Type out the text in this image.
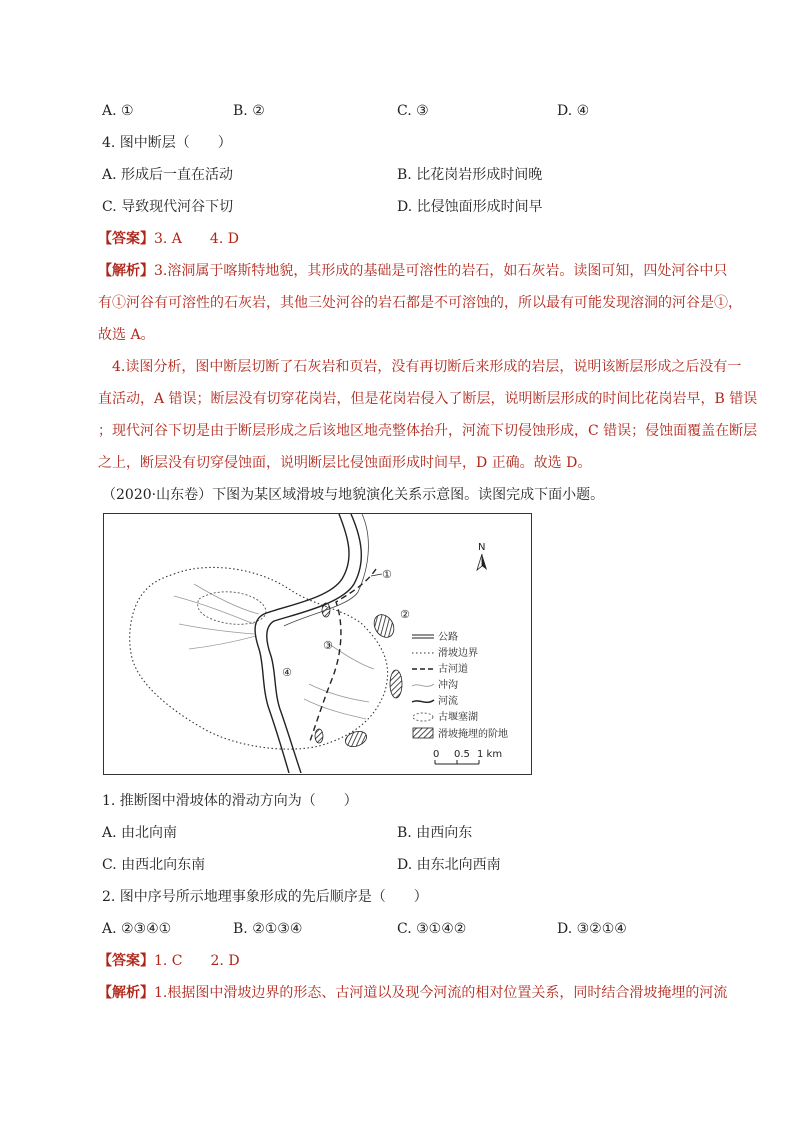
A. ①	B. ②	C. ③	D. ④
4. 图中断层（　　）
A. 形成后一直在活动	B. 比花岗岩形成时间晚
C. 导致现代河谷下切	D. 比侵蚀面形成时间早
【答案】3. A　　4. D
【解析】3.溶洞属于喀斯特地貌，其形成的基础是可溶性的岩石，如石灰岩。读图可知，四处河谷中只
有①河谷有可溶性的石灰岩，其他三处河谷的岩石都是不可溶蚀的，所以最有可能发现溶洞的河谷是①，
故选 A。
4.读图分析，图中断层切断了石灰岩和页岩，没有再切断后来形成的岩层，说明该断层形成之后没有一
直活动，A 错误；断层没有切穿花岗岩，但是花岗岩侵入了断层，说明断层形成的时间比花岗岩早，B 错误
；现代河谷下切是由于断层形成之后该地区地壳整体抬升，河流下切侵蚀形成，C 错误；侵蚀面覆盖在断层
之上，断层没有切穿侵蚀面，说明断层比侵蚀面形成时间早，D 正确。故选 D。
（2020·山东卷）下图为某区域滑坡与地貌演化关系示意图。读图完成下面小题。
①
②
③
④
N
公路
滑坡边界
古河道
冲沟
河流
古堰塞湖
滑坡掩埋的阶地
0 0.5 1 km
1. 推断图中滑坡体的滑动方向为（　　）
A. 由北向南	B. 由西向东
C. 由西北向东南	D. 由东北向西南
2. 图中序号所示地理事象形成的先后顺序是（　　）
A. ②③④①	B. ②①③④	C. ③①④②	D. ③②①④
【答案】1. C　　2. D
【解析】1.根据图中滑坡边界的形态、古河道以及现今河流的相对位置关系，同时结合滑坡掩埋的河流
